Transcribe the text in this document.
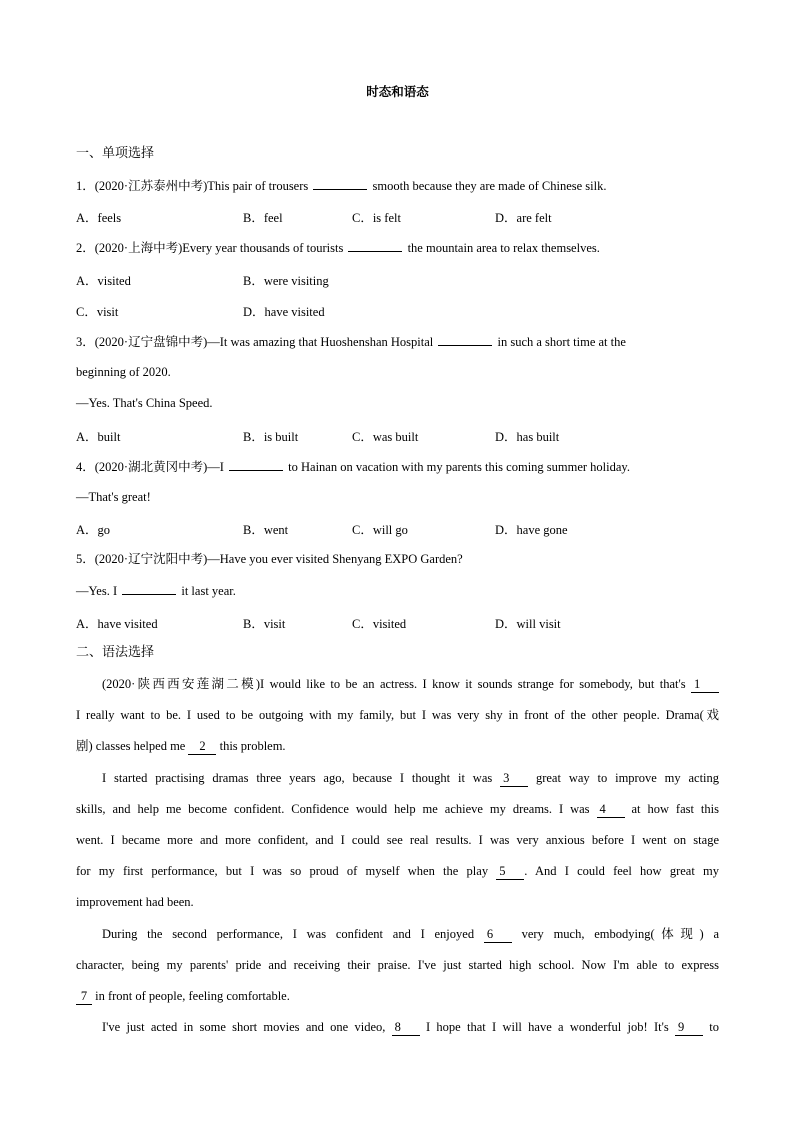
时态和语态
一、单项选择
1．(2020·江苏泰州中考)This pair of trousers	smooth because they are made of Chinese silk.
A．feels	B．feel	C．is felt	D．are felt
2．(2020·上海中考)Every year thousands of tourists	the mountain area to relax themselves.
A．visited	B．were visiting
C．visit	D．have visited
3．(2020·辽宁盘锦中考)—It was amazing that Huoshenshan Hospital	in such a short time at the
beginning of 2020.
—Yes. That's China Speed.
A．built	B．is built	C．was built	D．has built
4．(2020·湖北黄冈中考)—I	to Hainan on vacation with my parents this coming summer holiday.
—That's great!
A．go	B．went	C．will go	D．have gone
5．(2020·辽宁沈阳中考)—Have you ever visited Shenyang EXPO Garden?
—Yes. I	it last year.
A．have visited	B．visit	C．visited	D．will visit
二、语法选择
(2020·陕西西安莲湖二模)I would like to be an actress. I know it sounds strange for somebody, but that's 1
I really want to be. I used to be outgoing with my family, but I was very shy in front of the other people. Drama(戏
剧) classes helped me 2 this problem.
I started practising dramas three years ago, because I thought it was 3 great way to improve my acting
skills, and help me become confident. Confidence would help me achieve my dreams. I was 4 at how fast this
went. I became more and more confident, and I could see real results. I was very anxious before I went on stage
for my first performance, but I was so proud of myself when the play 5 . And I could feel how great my
improvement had been.
During the second performance, I was confident and I enjoyed 6 very much, embodying(体现) a
character, being my parents' pride and receiving their praise. I've just started high school. Now I'm able to express
7 in front of people, feeling comfortable.
I've just acted in some short movies and one video, 8 I hope that I will have a wonderful job! It's 9 to
